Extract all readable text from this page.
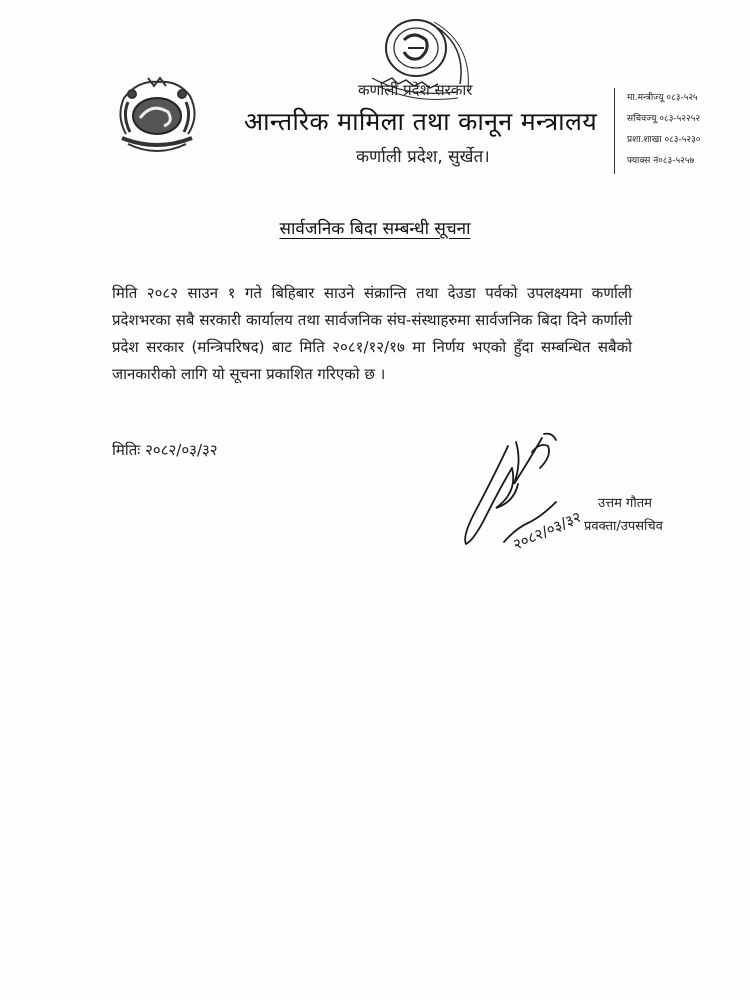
कर्णाली प्रदेश सरकार
आन्तरिक मामिला तथा कानून मन्त्रालय
कर्णाली प्रदेश, सुर्खेत।
मा.मन्त्रीज्यू ०८३-५२५
सचिवज्यू ०८३-५२२५२
प्रशा.शाखा ०८३-५२३०
फ्याक्स नं०८३-५२५७
सार्वजनिक बिदा सम्बन्धी सूचना
मिति २०८२ साउन १ गते बिहिबार साउने संक्रान्ति तथा देउडा पर्वको उपलक्ष्यमा कर्णाली प्रदेशभरका सबै सरकारी कार्यालय तथा सार्वजनिक संघ-संस्थाहरुमा सार्वजनिक बिदा दिने कर्णाली प्रदेश सरकार (मन्त्रिपरिषद) बाट मिति २०८१/१२/१७ मा निर्णय भएको हुँदा सम्बन्धित सबैको जानकारीको लागि यो सूचना प्रकाशित गरिएको छ ।
मितिः २०८२/०३/३२
२०८२/०३/३२
उत्तम गौतम
प्रवक्ता/उपसचिव
